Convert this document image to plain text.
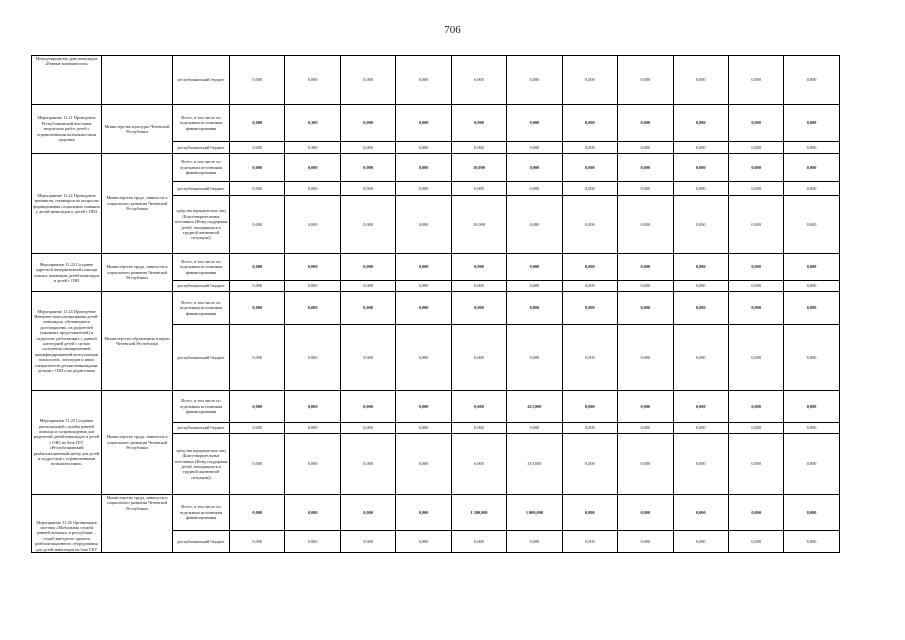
706
Международному дню инвалидов «Равные возможности»		республиканский бюджет	0,000	0,000	0,000	0,000	0,000	0,000	0,000	0,000	0,000	0,000	0,000
Мероприятие 11.21 Проведение Республиканской выставки творческих работ детей с ограниченными возможностями здоровья	Министерство культуры Чеченской Республики	Всего, в том числе по отдельным источникам финансирования	0,000	0,300	0,000	0,000	0,000	0,000	0,000	0,000	0,000	0,000	0,000
		республиканский бюджет	0,000	0,300	0,000	0,000	0,000	0,000	0,000	0,000	0,000	0,000	0,000
Мероприятие 11.22 Проведение тренингов, семинаров по вопросам формирования социальных навыков у детей-инвалидов и детей с ОВЗ	Министерство труда, занятости и социального развития Чеченской Республики	Всего, в том числе по отдельным источникам финансирования	0,000	0,000	0,000	0,000	10,000	0,000	0,000	0,000	0,000	0,000	0,000
		республиканский бюджет	0,000	0,000	0,000	0,000	0,000	0,000	0,000	0,000	0,000	0,000	0,000
		средства юридических лиц (Благотворительные источники (Фонд поддержки детей, находящихся в трудной жизненной ситуации))	0,000	0,000	0,000	0,000	10,000	0,000	0,000	0,000	0,000	0,000	0,000
Мероприятие 11.23 Создание адресной интерактивной помощи семьям, имеющим детей-инвалидов и детей с ОВЗ	Министерство труда, занятости и социального развития Чеченской Республики	Всего, в том числе по отдельным источникам финансирования	0,000	0,000	0,000	0,000	0,000	0,000	0,000	0,000	0,000	0,000	0,000
		республиканский бюджет	0,000	0,000	0,000	0,000	0,000	0,000	0,000	0,000	0,000	0,000	0,000
Мероприятие 11.24 Проведение Интернет-консультирования детей-инвалидов, обучающихся дистанционно, их родителей (законных представителей) и педагогов, работающих с данной категорией детей с целью получения своевременной квалифицированной консультации психологов, логопедов и иных специалистов детьми-инвалидами, детьми с ОВЗ и их родителями	Министерство образования и науки Чеченской Республики	Всего, в том числе по отдельным источникам финансирования	0,000	0,000	0,000	0,000	0,000	0,000	0,000	0,000	0,000	0,000	0,000
		республиканский бюджет	0,000	0,000	0,000	0,000	0,000	0,000	0,000	0,000	0,000	0,000	0,000
Мероприятие 11.25 Создание региональной службы ранней помощи и сопровождения для родителей детей-инвалидов и детей с ОВЗ на базе ГБУ «Республиканский реабилитационный центр для детей и подростков с ограниченными возможностями»	Министерство труда, занятости и социального развития Чеченской Республики	Всего, в том числе по отдельным источникам финансирования	0,000	0,000	0,000	0,000	0,000	413,000	0,000	0,000	0,000	0,000	0,000
		республиканский бюджет	0,000	0,000	0,000	0,000	0,000	0,000	0,000	0,000	0,000	0,000	0,000
		средства юридических лиц (Благотворительные источники (Фонд поддержки детей, находящихся в трудной жизненной ситуации))	0,000	0,000	0,000	0,000	0,000	413,000	0,000	0,000	0,000	0,000	0,000
Мероприятие 11.26 Организация системы «Мобильная служба ранней помощи» в республике – служб выездного проката реабилитационного оборудования для детей-инвалидов на базе ГБУ	Министерство труда, занятости и социального развития Чеченской Республики	Всего, в том числе по отдельным источникам финансирования	0,000	0,000	0,000	0,000	1 300,000	1 000,000	0,000	0,000	0,000	0,000	0,000
		республиканский бюджет	0,000	0,000	0,000	0,000	0,000	0,000	0,000	0,000	0,000	0,000	0,000
